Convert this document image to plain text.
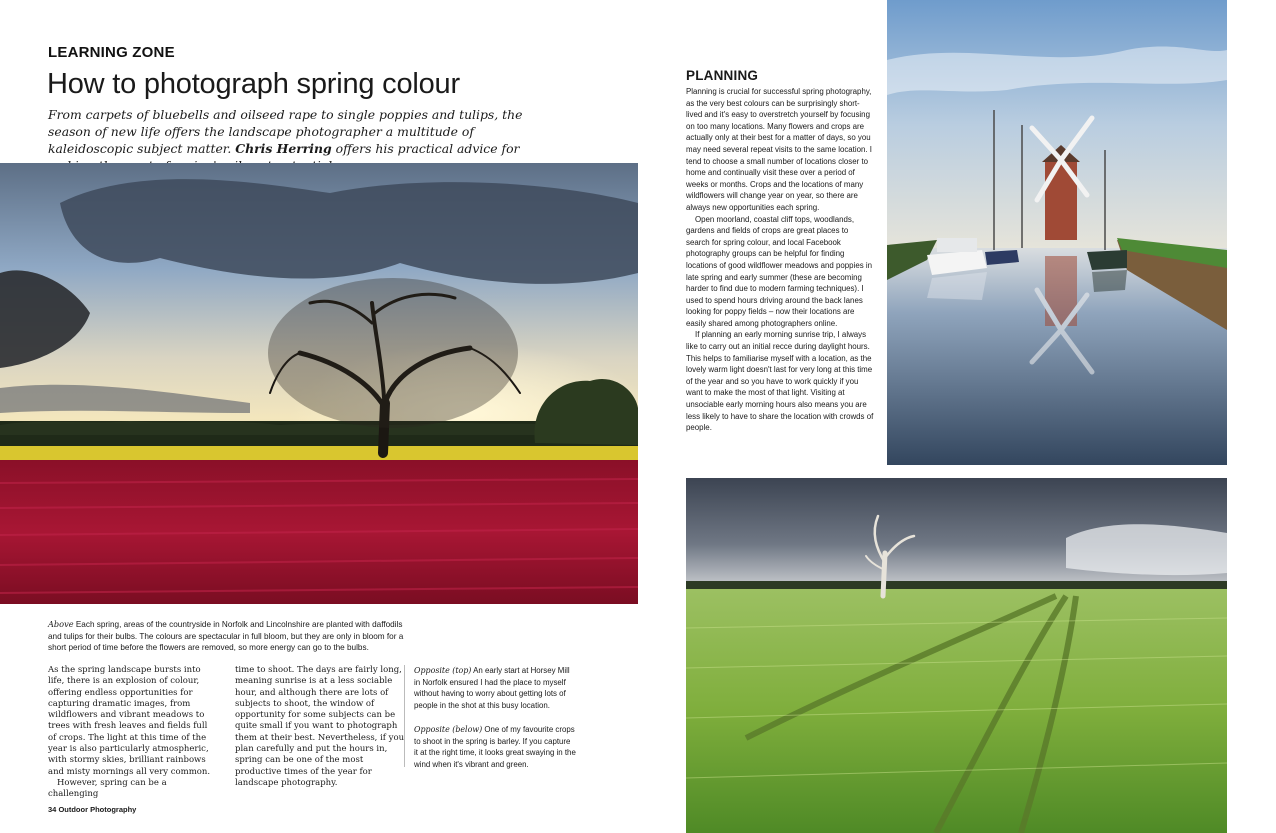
LEARNING ZONE
How to photograph spring colour

From carpets of bluebells and oilseed rape to single poppies and tulips, the season of new life offers the landscape photographer a multitude of kaleidoscopic subject matter. Chris Herring offers his practical advice for

Above Each spring, areas of the countryside in Norfolk and Lincolnshire are planted with daffodils and tulips for their bulbs. The colours are spectacular in full bloom, but they are only in bloom for a short period of time before the flowers are removed, so more energy can go to the bulbs.

As the spring landscape bursts into life, there is an explosion of colour, offering endless opportunities for capturing dramatic images, from wildflowers and vibrant meadows to trees with fresh leaves and fields full of crops. The light at this time of the year is also particularly atmospheric, with stormy skies, brilliant rainbows and misty mornings all very common.

However, spring can be a challenging

time to shoot. The days are fairly long, meaning sunrise is at a less sociable hour, and although there are lots of subjects to shoot, the window of opportunity for some subjects can be quite small if you want to photograph them at their best. Nevertheless, if you plan carefully and put the hours in, spring can be one of the most productive times of the year for landscape photography.

Opposite (top) An early start at Horsey Mill in Norfolk ensured I had the place to myself without having to worry about getting lots of people in the shot at this busy location.

Opposite (below) One of my favourite crops to shoot in the spring is barley. If you capture it at the right time, it looks great swaying in the wind when it's vibrant and green.

34 Outdoor Photography
PLANNING

Planning is crucial for successful spring photography, as the very best colours can be surprisingly short-lived and it's easy to overstretch yourself by focusing on too many locations. Many flowers and crops are actually only at their best for a matter of days, so you may need several repeat visits to the same location. I tend to choose a small number of locations closer to home and continually visit these over a period of weeks or months. Crops and the locations of many wildflowers will change year on year, so there are always new opportunities each spring.

Open moorland, coastal cliff tops, woodlands, gardens and fields of crops are great places to search for spring colour, and local Facebook photography groups can be helpful for finding locations of good wildflower meadows and poppies in late spring and early summer (these are becoming harder to find due to modern farming techniques). I used to spend hours driving around the back lanes looking for poppy fields – now their locations are easily shared among photographers online.

If planning an early morning sunrise trip, I always like to carry out an initial recce during daylight hours. This helps to familiarise myself with a location, as the lovely warm light doesn't last for very long at this time of the year and so you have to work quickly if you want to make the most of that light. Visiting at unsociable early morning hours also means you are less likely to have to share the location with crowds of people.
